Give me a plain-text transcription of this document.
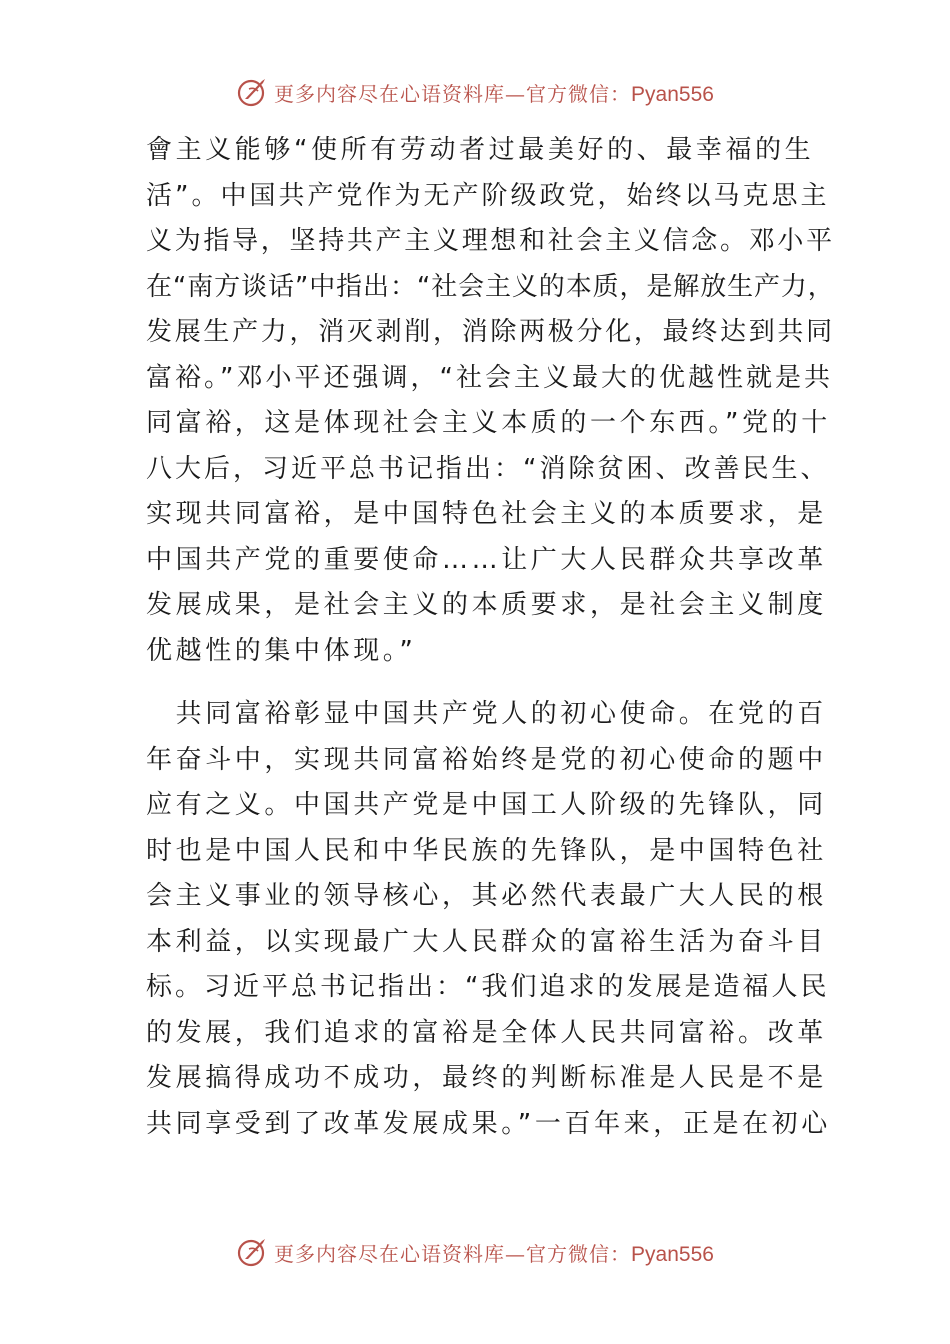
更多内容尽在心语资料库—官方微信：Pyan556

會主义能够“使所有劳动者过最美好的、最幸福的生
活”。中国共产党作为无产阶级政党，始终以马克思主
义为指导，坚持共产主义理想和社会主义信念。邓小平
在“南方谈话”中指出：“社会主义的本质，是解放生产力，
发展生产力，消灭剥削，消除两极分化，最终达到共同
富裕。”邓小平还强调，“社会主义最大的优越性就是共
同富裕，这是体现社会主义本质的一个东西。”党的十
八大后，习近平总书记指出：“消除贫困、改善民生、
实现共同富裕，是中国特色社会主义的本质要求，是
中国共产党的重要使命……让广大人民群众共享改革
发展成果，是社会主义的本质要求，是社会主义制度
优越性的集中体现。”

　共同富裕彰显中国共产党人的初心使命。在党的百
年奋斗中，实现共同富裕始终是党的初心使命的题中
应有之义。中国共产党是中国工人阶级的先锋队，同
时也是中国人民和中华民族的先锋队，是中国特色社
会主义事业的领导核心，其必然代表最广大人民的根
本利益，以实现最广大人民群众的富裕生活为奋斗目
标。习近平总书记指出：“我们追求的发展是造福人民
的发展，我们追求的富裕是全体人民共同富裕。改革
发展搞得成功不成功，最终的判断标准是人民是不是
共同享受到了改革发展成果。”一百年来，正是在初心

更多内容尽在心语资料库—官方微信：Pyan556
